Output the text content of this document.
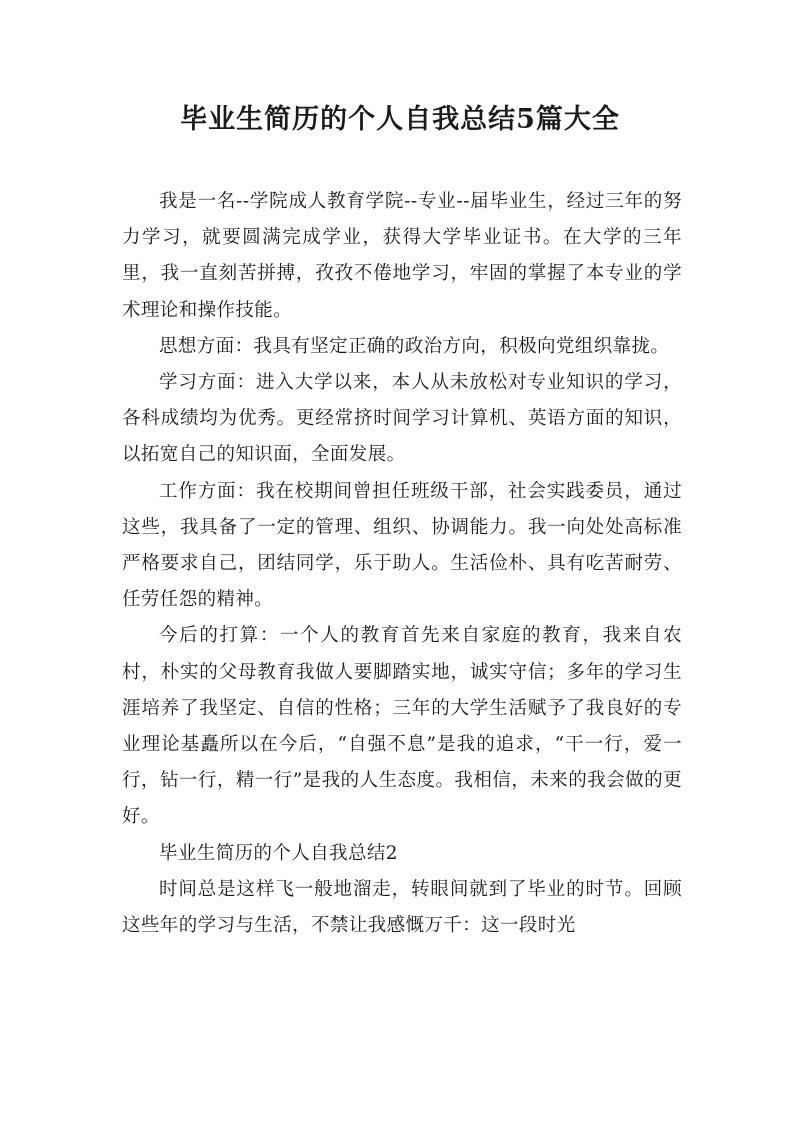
毕业生简历的个人自我总结5篇大全

我是一名--学院成人教育学院--专业--届毕业生，经过三年的努力学习，就要圆满完成学业，获得大学毕业证书。在大学的三年里，我一直刻苦拼搏，孜孜不倦地学习，牢固的掌握了本专业的学术理论和操作技能。

思想方面：我具有坚定正确的政治方向，积极向党组织靠拢。

学习方面：进入大学以来，本人从未放松对专业知识的学习，各科成绩均为优秀。更经常挤时间学习计算机、英语方面的知识，以拓宽自己的知识面，全面发展。

工作方面：我在校期间曾担任班级干部，社会实践委员，通过这些，我具备了一定的管理、组织、协调能力。我一向处处高标准严格要求自己，团结同学，乐于助人。生活俭朴、具有吃苦耐劳、任劳任怨的精神。

今后的打算：一个人的教育首先来自家庭的教育，我来自农村，朴实的父母教育我做人要脚踏实地，诚实守信；多年的学习生涯培养了我坚定、自信的性格；三年的大学生活赋予了我良好的专业理论基矗所以在今后，“自强不息”是我的追求，“干一行，爱一行，钻一行，精一行”是我的人生态度。我相信，未来的我会做的更好。

毕业生简历的个人自我总结2

时间总是这样飞一般地溜走，转眼间就到了毕业的时节。回顾这些年的学习与生活，不禁让我感慨万千：这一段时光
